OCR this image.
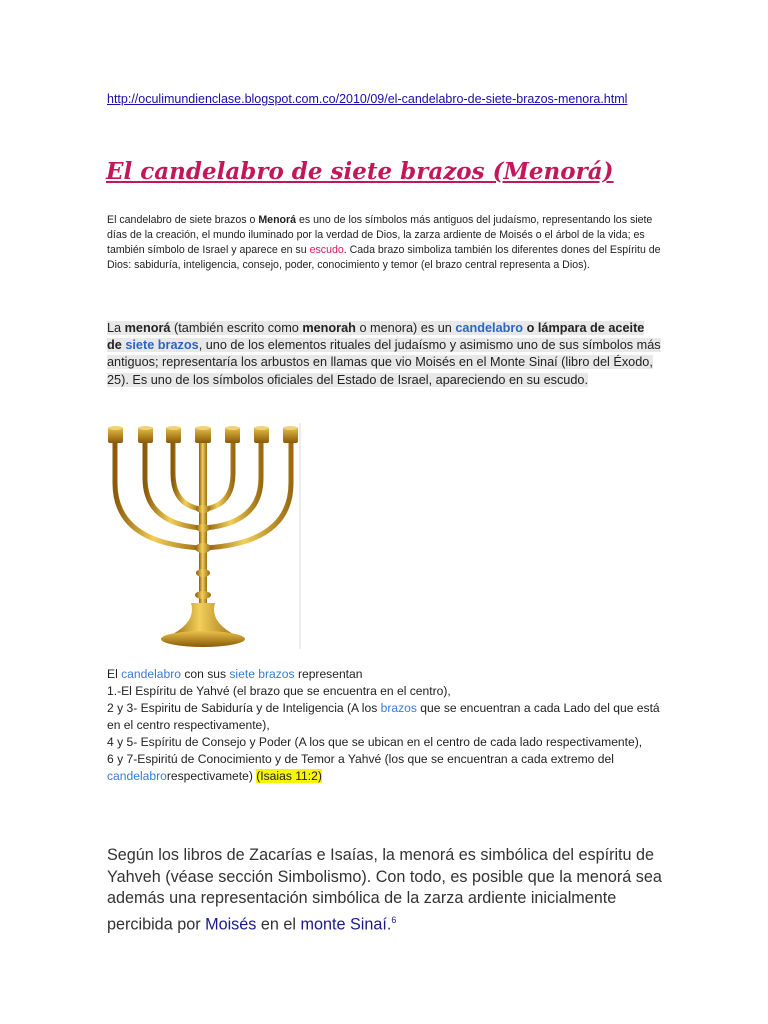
http://oculimundienclase.blogspot.com.co/2010/09/el-candelabro-de-siete-brazos-menora.html
El candelabro de siete brazos (Menorá)

El candelabro de siete brazos o Menorá es uno de los símbolos más antiguos del judaísmo, representando los siete días de la creación, el mundo iluminado por la verdad de Dios, la zarza ardiente de Moisés o el árbol de la vida; es también símbolo de Israel y aparece en su escudo. Cada brazo simboliza también los diferentes dones del Espíritu de Dios: sabiduría, inteligencia, consejo, poder, conocimiento y temor (el brazo central representa a Dios).

La menorá (también escrito como menorah o menora) es un candelabro o lámpara de aceite de siete brazos, uno de los elementos rituales del judaísmo y asimismo uno de sus símbolos más antiguos; representaría los arbustos en llamas que vio Moisés en el Monte Sinaí (libro del Éxodo, 25). Es uno de los símbolos oficiales del Estado de Israel, apareciendo en su escudo.

El candelabro con sus siete brazos representan
1.-El Espíritu de Yahvé (el brazo que se encuentra en el centro),
2 y 3- Espiritu de Sabiduría y de Inteligencia (A los brazos que se encuentran a cada Lado del que está en el centro respectivamente),
4 y 5- Espíritu de Consejo y Poder (A los que se ubican en el centro de cada lado respectivamente),
6 y 7-Espiritú de Conocimiento y de Temor a Yahvé (los que se encuentran a cada extremo del candelabrorespectivamete) (Isaias 11:2)

Según los libros de Zacarías e Isaías, la menorá es simbólica del espíritu de Yahveh (véase sección Simbolismo). Con todo, es posible que la menorá sea además una representación simbólica de la zarza ardiente inicialmente percibida por Moisés en el monte Sinaí.$^6$
